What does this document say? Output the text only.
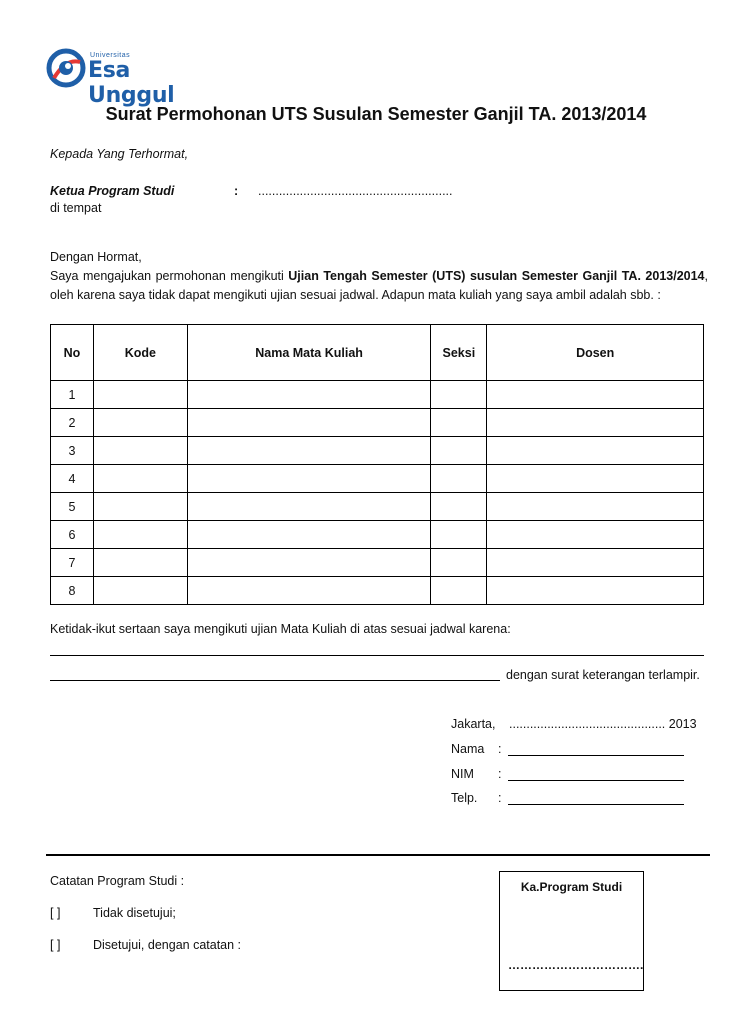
Universitas
Esa Unggul
Surat Permohonan UTS Susulan Semester Ganjil TA. 2013/2014
Kepada Yang Terhormat,
Ketua Program Studi	: ........................................................
di tempat
Dengan Hormat,
Saya mengajukan permohonan mengikuti Ujian Tengah Semester (UTS) susulan Semester Ganjil TA. 2013/2014, oleh karena saya tidak dapat mengikuti ujian sesuai jadwal. Adapun mata kuliah yang saya ambil adalah sbb. :
No	Kode	Nama Mata Kuliah	Seksi	Dosen
1				
2				
3				
4				
5				
6				
7				
8				
Ketidak-ikut sertaan saya mengikuti ujian Mata Kuliah di atas sesuai jadwal karena:
dengan surat keterangan terlampir.
Jakarta, ............................................. 2013
Nama :
NIM :
Telp. :
Catatan Program Studi :
[ ]	Tidak disetujui;
[ ]	Disetujui, dengan catatan :
Ka.Program Studi
…………………………….
